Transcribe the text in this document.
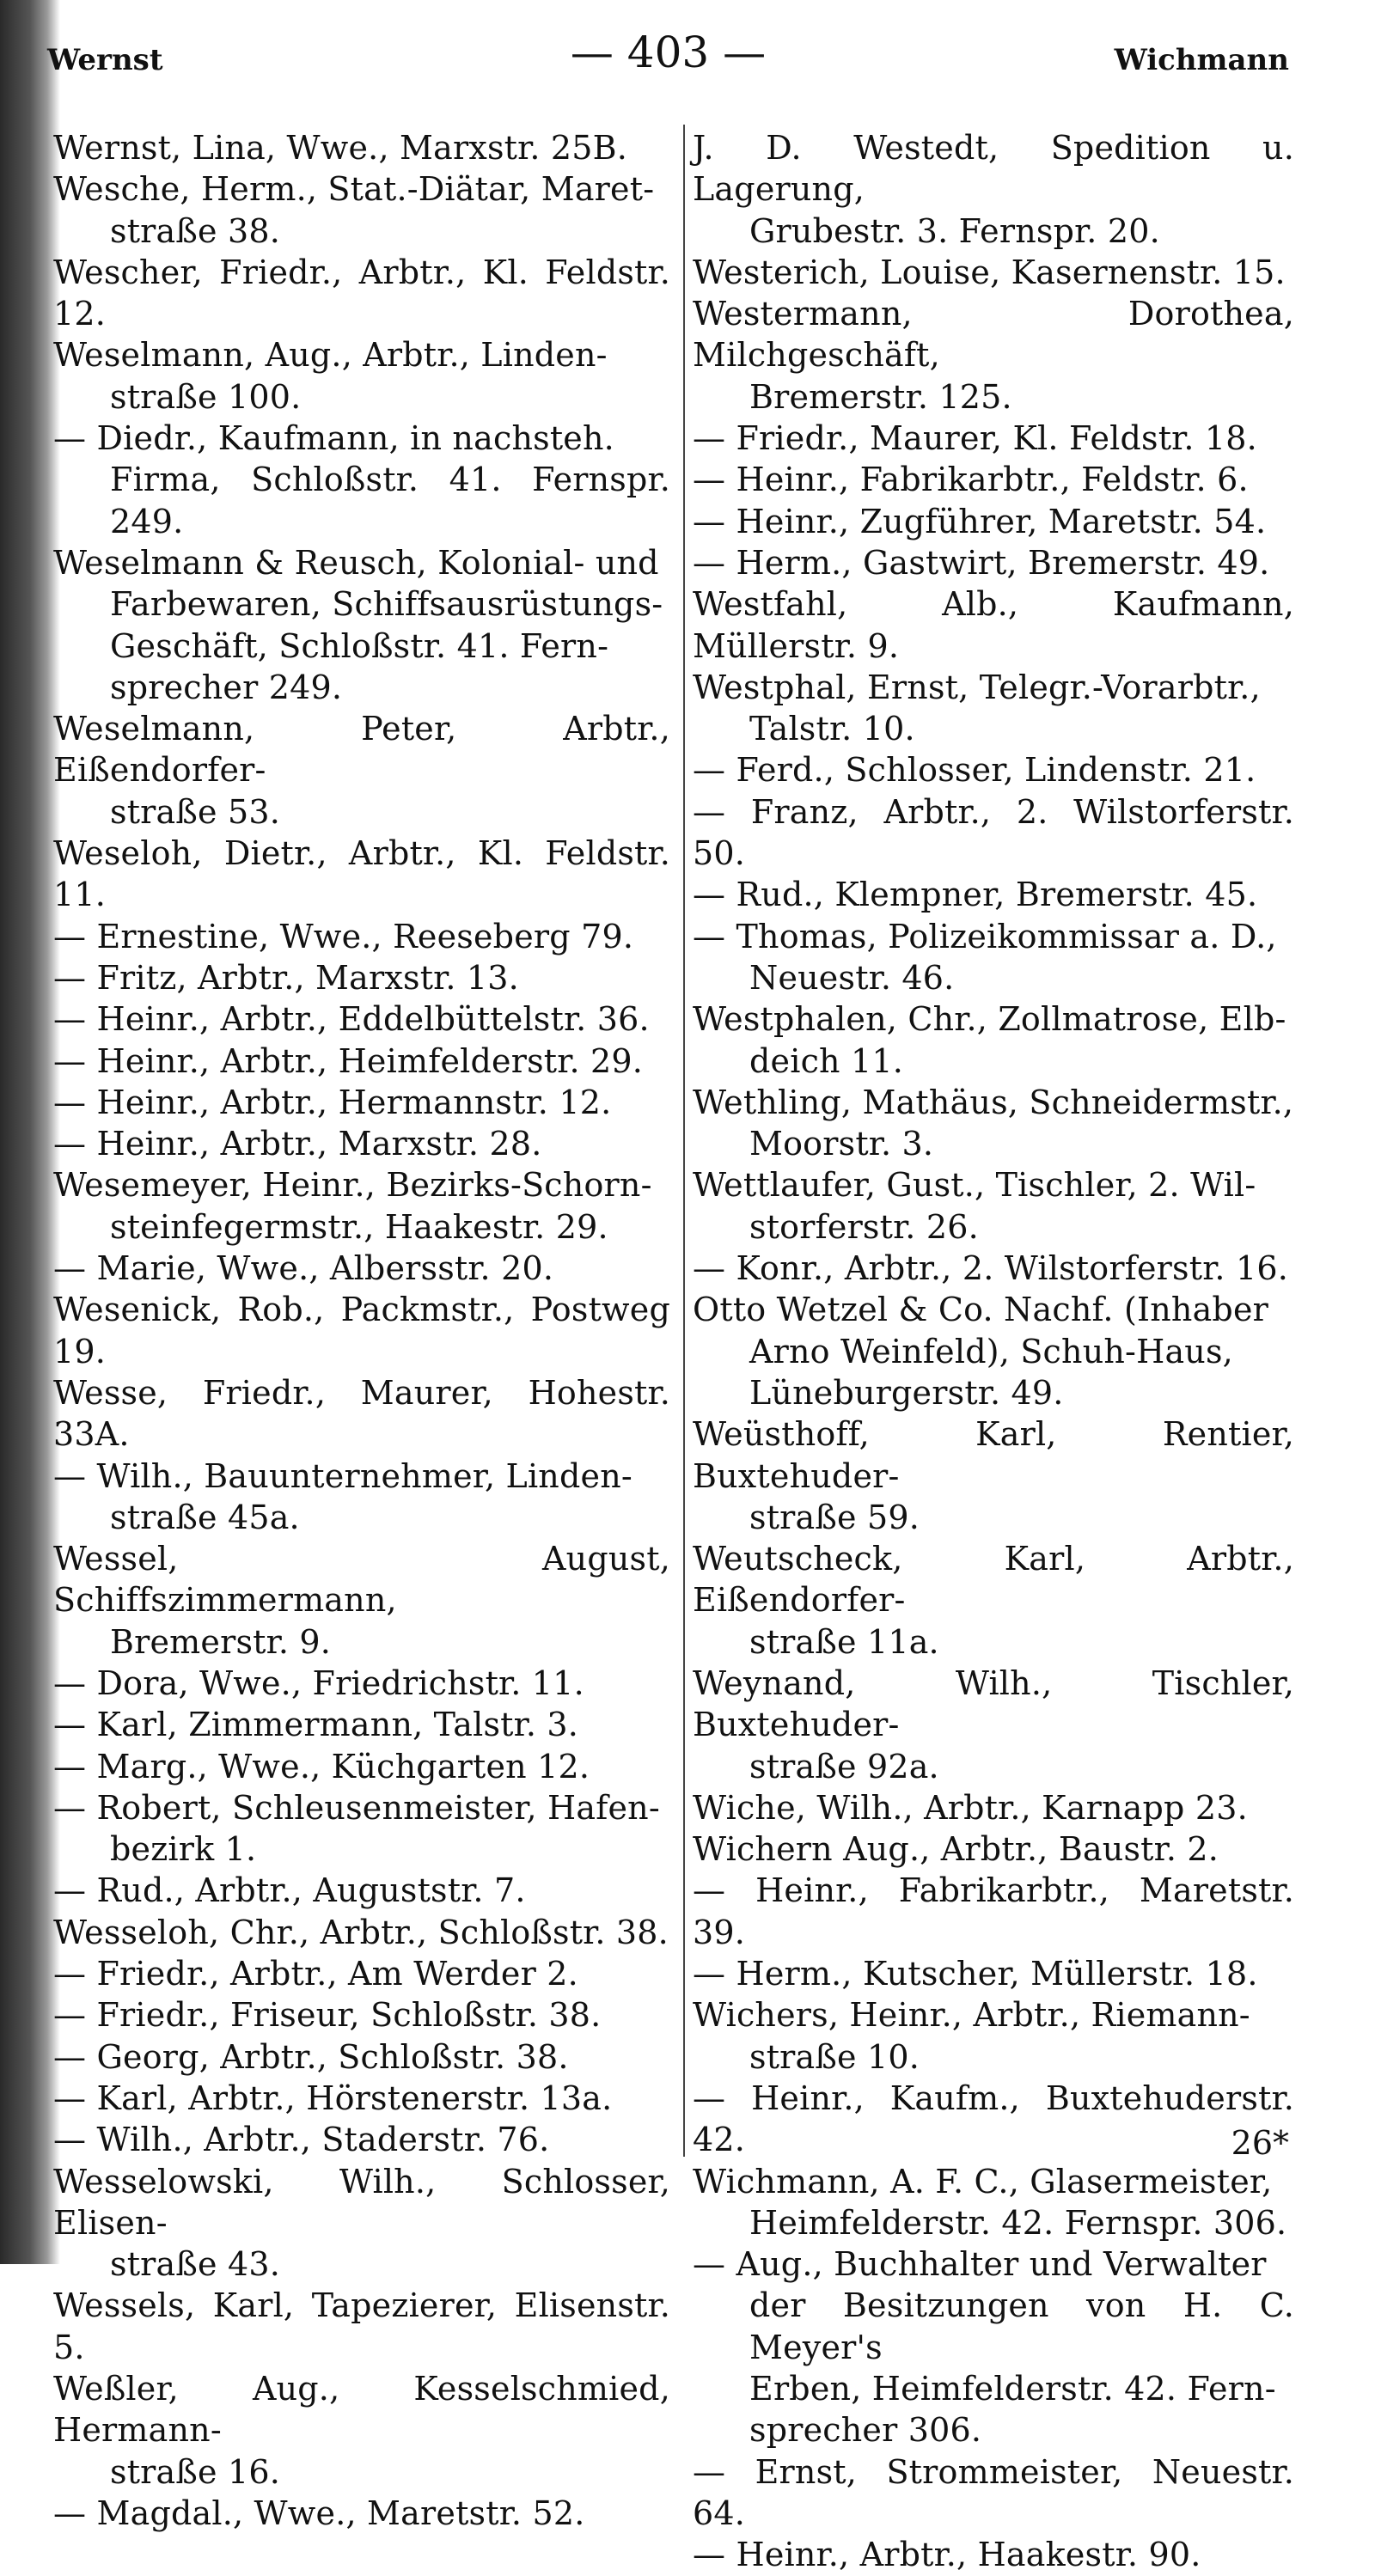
Wernst	— 403 —	Wichmann
Wernst, Lina, Wwe., Marxstr. 25B.
Wesche, Herm., Stat.-Diätar, Maret-
straße 38.
Wescher, Friedr., Arbtr., Kl. Feldstr. 12.
Weselmann, Aug., Arbtr., Linden-
straße 100.
— Diedr., Kaufmann, in nachsteh.
Firma, Schloßstr. 41. Fernspr. 249.
Weselmann & Reusch, Kolonial- und
Farbewaren, Schiffsausrüstungs-
Geschäft, Schloßstr. 41. Fern-
sprecher 249.
Weselmann, Peter, Arbtr., Eißendorfer-
straße 53.
Weseloh, Dietr., Arbtr., Kl. Feldstr. 11.
— Ernestine, Wwe., Reeseberg 79.
— Fritz, Arbtr., Marxstr. 13.
— Heinr., Arbtr., Eddelbüttelstr. 36.
— Heinr., Arbtr., Heimfelderstr. 29.
— Heinr., Arbtr., Hermannstr. 12.
— Heinr., Arbtr., Marxstr. 28.
Wesemeyer, Heinr., Bezirks-Schorn-
steinfegermstr., Haakestr. 29.
— Marie, Wwe., Albersstr. 20.
Wesenick, Rob., Packmstr., Postweg 19.
Wesse, Friedr., Maurer, Hohestr. 33A.
— Wilh., Bauunternehmer, Linden-
straße 45a.
Wessel, August, Schiffszimmermann,
Bremerstr. 9.
— Dora, Wwe., Friedrichstr. 11.
— Karl, Zimmermann, Talstr. 3.
— Marg., Wwe., Küchgarten 12.
— Robert, Schleusenmeister, Hafen-
bezirk 1.
— Rud., Arbtr., Auguststr. 7.
Wesseloh, Chr., Arbtr., Schloßstr. 38.
— Friedr., Arbtr., Am Werder 2.
— Friedr., Friseur, Schloßstr. 38.
— Georg, Arbtr., Schloßstr. 38.
— Karl, Arbtr., Hörstenerstr. 13a.
— Wilh., Arbtr., Staderstr. 76.
Wesselowski, Wilh., Schlosser, Elisen-
straße 43.
Wessels, Karl, Tapezierer, Elisenstr. 5.
Weßler, Aug., Kesselschmied, Hermann-
straße 16.
— Magdal., Wwe., Maretstr. 52.
J. D. Westedt, Spedition u. Lagerung,
Grubestr. 3. Fernspr. 20.
Westerich, Louise, Kasernenstr. 15.
Westermann, Dorothea, Milchgeschäft,
Bremerstr. 125.
— Friedr., Maurer, Kl. Feldstr. 18.
— Heinr., Fabrikarbtr., Feldstr. 6.
— Heinr., Zugführer, Maretstr. 54.
— Herm., Gastwirt, Bremerstr. 49.
Westfahl, Alb., Kaufmann, Müllerstr. 9.
Westphal, Ernst, Telegr.-Vorarbtr.,
Talstr. 10.
— Ferd., Schlosser, Lindenstr. 21.
— Franz, Arbtr., 2. Wilstorferstr. 50.
— Rud., Klempner, Bremerstr. 45.
— Thomas, Polizeikommissar a. D.,
Neuestr. 46.
Westphalen, Chr., Zollmatrose, Elb-
deich 11.
Wethling, Mathäus, Schneidermstr.,
Moorstr. 3.
Wettlaufer, Gust., Tischler, 2. Wil-
storferstr. 26.
— Konr., Arbtr., 2. Wilstorferstr. 16.
Otto Wetzel & Co. Nachf. (Inhaber
Arno Weinfeld), Schuh-Haus,
Lüneburgerstr. 49.
Weüsthoff, Karl, Rentier, Buxtehuder-
straße 59.
Weutscheck, Karl, Arbtr., Eißendorfer-
straße 11a.
Weynand, Wilh., Tischler, Buxtehuder-
straße 92a.
Wiche, Wilh., Arbtr., Karnapp 23.
Wichern Aug., Arbtr., Baustr. 2.
— Heinr., Fabrikarbtr., Maretstr. 39.
— Herm., Kutscher, Müllerstr. 18.
Wichers, Heinr., Arbtr., Riemann-
straße 10.
— Heinr., Kaufm., Buxtehuderstr. 42.
Wichmann, A. F. C., Glasermeister,
Heimfelderstr. 42. Fernspr. 306.
— Aug., Buchhalter und Verwalter
der Besitzungen von H. C. Meyer's
Erben, Heimfelderstr. 42. Fern-
sprecher 306.
— Ernst, Strommeister, Neuestr. 64.
— Heinr., Arbtr., Haakestr. 90.
26*
